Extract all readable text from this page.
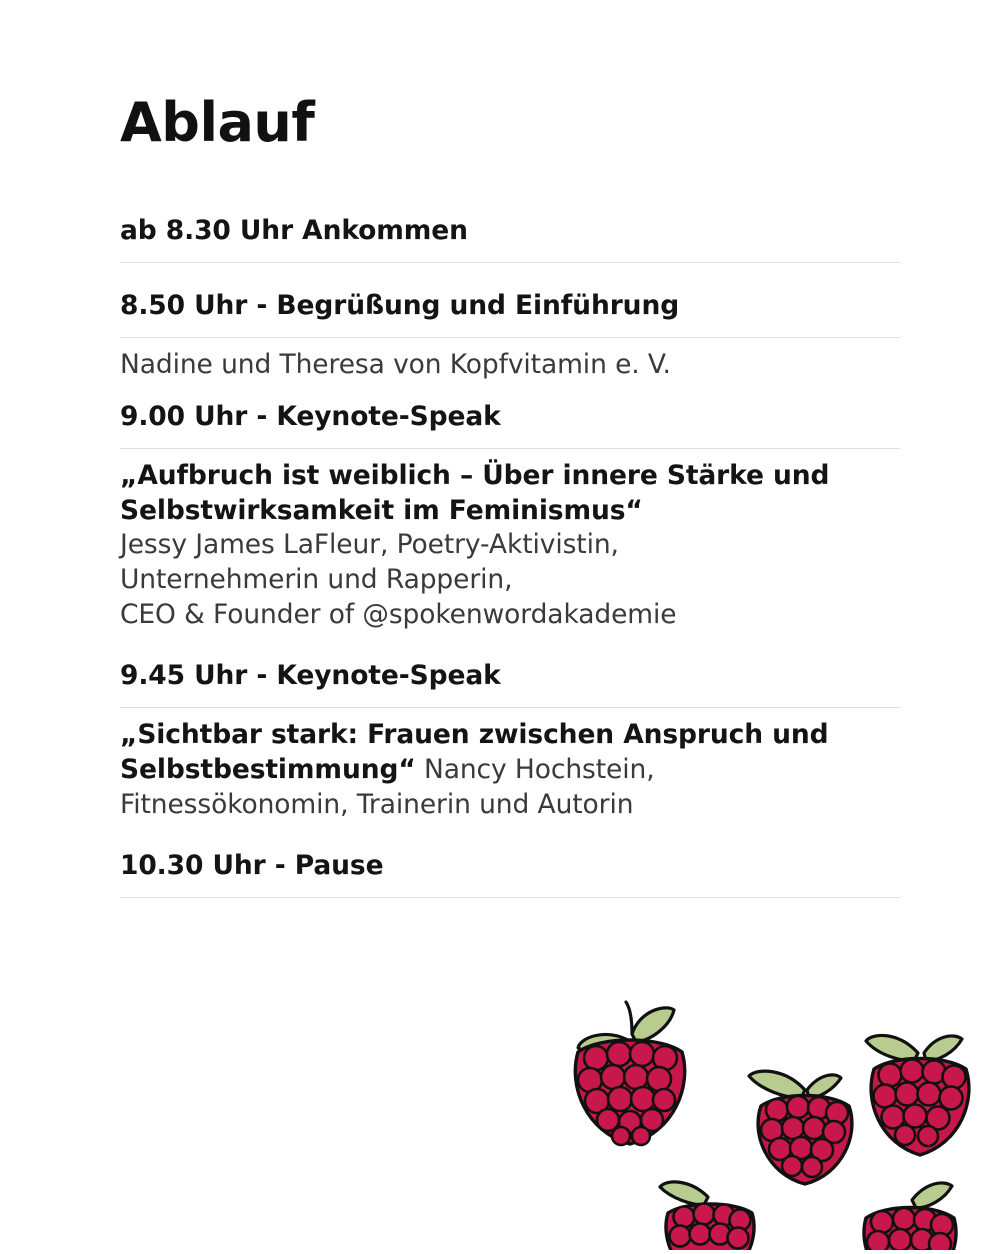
Ablauf
ab 8.30 Uhr Ankommen
8.50 Uhr - Begrüßung und Einführung
Nadine und Theresa von Kopfvitamin e. V.
9.00 Uhr - Keynote-Speak
„Aufbruch ist weiblich – Über innere Stärke und Selbstwirksamkeit im Feminismus“
Jessy James LaFleur, Poetry-Aktivistin,
Unternehmerin und Rapperin,
CEO & Founder of @spokenwordakademie
9.45 Uhr - Keynote-Speak
„Sichtbar stark: Frauen zwischen Anspruch und Selbstbestimmung“ Nancy Hochstein,
Fitnessökonomin, Trainerin und Autorin
10.30 Uhr - Pause
